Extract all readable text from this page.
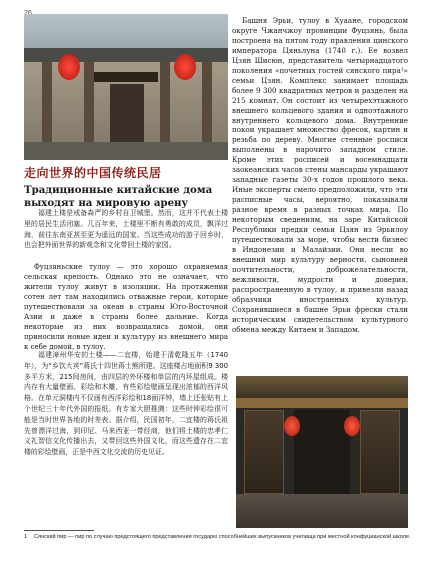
Башня Эрьи, тулоу в Хуаане, городском округе Чжанчжоу провинции Фуцзянь, была построена на пятом году правления цинского императора Цяньлуна (1740 г.). Ее возвел Цзян Шисюн, представитель четырнадцатого поколения «почетных гостей сянского пира¹» семьи Цзян. Комплекс занимает площадь более 9 300 квадратных метров и разделен на 215 комнат. Он состоит из четырехэтажного внешнего кольцевого здания и одноэтажного внутреннего кольцевого дома. Внутренние покои украшает множество фресок, картин и резьба по дереву. Многие стенные росписи выполнены в нарочито западном стиле. Кроме этих росписей и восемнадцати заокеанских часов стены мансарды украшают западные газеты 30-х годов прошлого века. Иные эксперты смело предположили, что эти расписные часы, вероятно, показывали разное время в разных точках мира. По некоторым сведениям, на заре Китайской Республики предки семьи Цзян из Эрьилоу путешествовали за море, чтобы вести бизнес в Индонезии и Малайзии. Они несли во внешний мир культуру верности, сыновней почтительности, доброжелательности, вежливости, мудрости и доверия, распространенную в тулоу, и привезли назад образчики иностранных культур. Сохранившиеся в башне Эрьи фрески стали историческим свидетельством культурного обмена между Китаем и Западом.

走向世界的中国传统民居
Традиционные китайские дома выходят на мировую арену

福建土楼是戒备森严的乡村自卫城堡。然而，这并不代表土楼里的居民生活闭塞。几百年来，土楼里不断有勇敢的成员，飘洋过海，前往东南亚甚至更为遥远的国家。当这些成功的游子回乡时，也会把外面世界的新观念和文化带回土楼的家园。

Фуцзяньские тулоу — это хорошо охраняемая сельская крепость. Однако это не означает, что жители тулоу живут в изоляции. На протяжении сотен лет там находились отважные герои, которые путешествовали за океан в страны Юго-Восточной Азии и даже в страны более дальние. Когда некоторые из них возвращались домой, они приносили новые идеи и культуру из внешнего мира к себе домой, в тулоу.

福建漳州华安的土楼——二宜楼，始建于清乾隆五年（1740年），为“乡饮大宾”蒋氏十四世蒋士熊所建。这座楼占地面积9 300多平方米，215间房间，由四层的外环楼和单层的内环屋组成。楼内存有大量壁画、彩绘和木雕，有些彩绘壁画呈现出浓郁的西洋风格。在单元洞楼内不仅画有西洋彩绘和18面洋钟，墙上还张贴有上个世纪三十年代外国的报纸。有专家大胆推测：这些时钟彩绘很可能是当时世界各地的时差表。据介绍，民国初年，二宜楼的蒋氏祖先曾漂洋过海，到印尼、马来西亚一带经商，他们将土楼的忠孝仁义礼智信文化传播出去，又带回这些外国文化，而这些遗存在二宜楼的彩绘壁画，正是中西文化交流的历史见证。

1 Сянский пир — пир по случаю предстоящего представления государю способнейших выпускников училища при местной конфуцианской школе.
